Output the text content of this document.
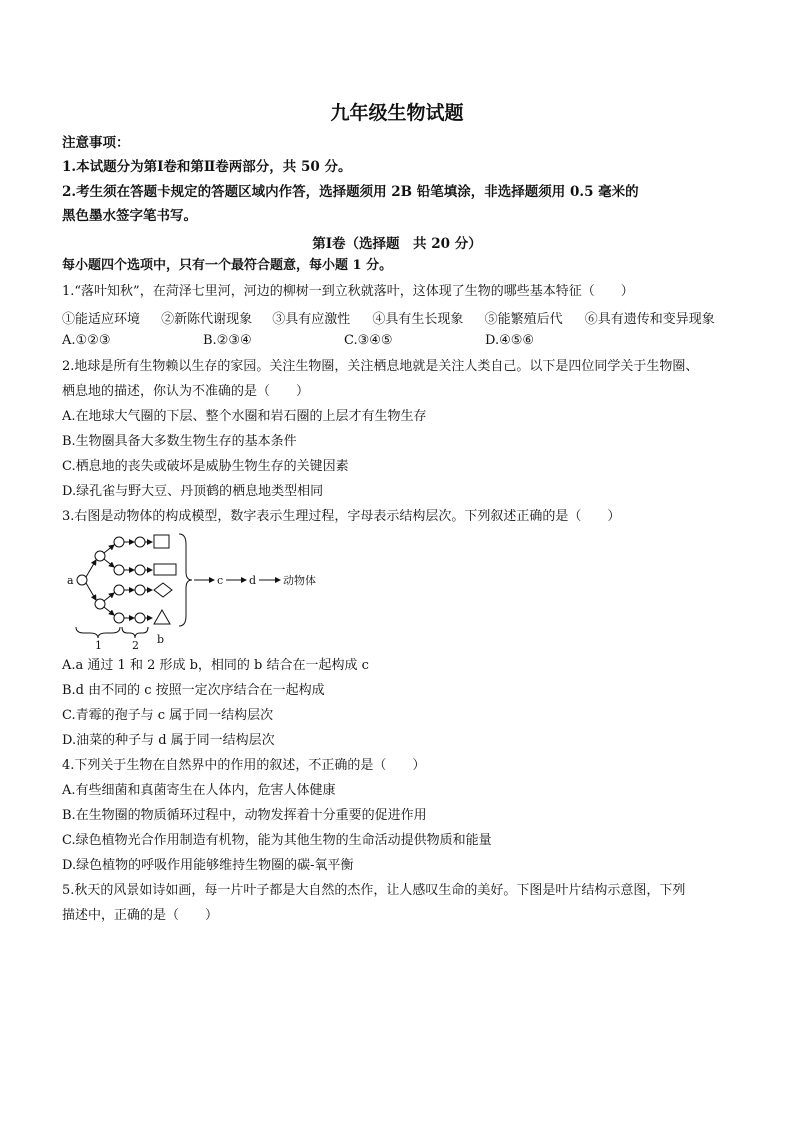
九年级生物试题
注意事项：
1.本试题分为第Ⅰ卷和第Ⅱ卷两部分，共 50 分。
2.考生须在答题卡规定的答题区域内作答，选择题须用 2B 铅笔填涂，非选择题须用 0.5 毫米的
黑色墨水签字笔书写。
第Ⅰ卷（选择题　共 20 分）
每小题四个选项中，只有一个最符合题意，每小题 1 分。
1.“落叶知秋”，在菏泽七里河，河边的柳树一到立秋就落叶，这体现了生物的哪些基本特征（　　）
①能适应环境 ②新陈代谢现象 ③具有应激性 ④具有生长现象 ⑤能繁殖后代 ⑥具有遗传和变异现象
A.①②③	B.②③④	C.③④⑤	D.④⑤⑥
2.地球是所有生物赖以生存的家园。关注生物圈，关注栖息地就是关注人类自己。以下是四位同学关于生物圈、
栖息地的描述，你认为不准确的是（　　）
A.在地球大气圈的下层、整个水圈和岩石圈的上层才有生物生存
B.生物圈具备大多数生物生存的基本条件
C.栖息地的丧失或破坏是威胁生物生存的关键因素
D.绿孔雀与野大豆、丹顶鹤的栖息地类型相同
3.右图是动物体的构成模型，数字表示生理过程，字母表示结构层次。下列叙述正确的是（　　）
a	c d 动物体
1	2 b
A.a 通过 1 和 2 形成 b，相同的 b 结合在一起构成 c
B.d 由不同的 c 按照一定次序结合在一起构成
C.青霉的孢子与 c 属于同一结构层次
D.油菜的种子与 d 属于同一结构层次
4.下列关于生物在自然界中的作用的叙述，不正确的是（　　）
A.有些细菌和真菌寄生在人体内，危害人体健康
B.在生物圈的物质循环过程中，动物发挥着十分重要的促进作用
C.绿色植物光合作用制造有机物，能为其他生物的生命活动提供物质和能量
D.绿色植物的呼吸作用能够维持生物圈的碳-氧平衡
5.秋天的风景如诗如画，每一片叶子都是大自然的杰作，让人感叹生命的美好。下图是叶片结构示意图，下列
描述中，正确的是（　　）
